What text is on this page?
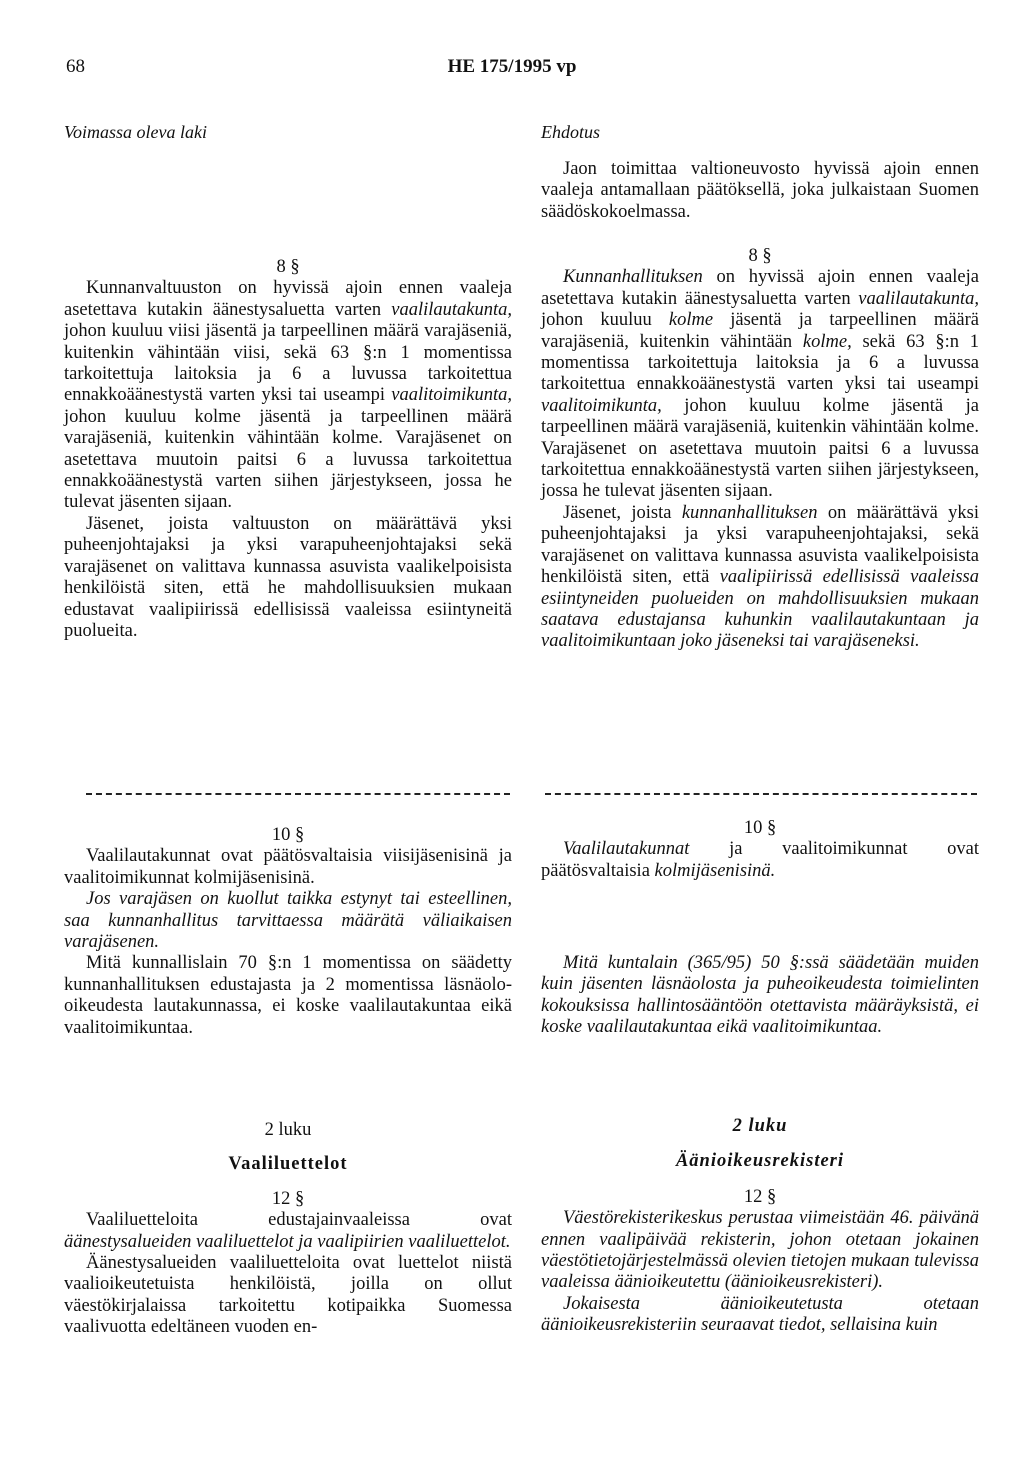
68	HE 175/1995 vp
Voimassa oleva laki	Ehdotus

Jaon toimittaa valtioneuvosto hyvissä ajoin ennen vaaleja antamallaan päätöksellä, joka julkaistaan Suomen säädöskokoelmassa.

8 §

Kunnanvaltuuston on hyvissä ajoin ennen vaaleja asetettava kutakin äänestysaluetta varten vaalilautakunta, johon kuuluu viisi jäsentä ja tarpeellinen määrä varajäseniä, kuitenkin vähintään viisi, sekä 63 §:n 1 momentissa tarkoitettuja laitoksia ja 6 a luvussa tarkoitettua ennakkoäänestystä varten yksi tai useampi vaalitoimikunta, johon kuuluu kolme jäsentä ja tarpeellinen määrä varajäseniä, kuitenkin vähintään kolme. Varajäsenet on asetettava muutoin paitsi 6 a luvussa tarkoitettua ennakkoäänestystä varten siihen järjestykseen, jossa he tulevat jäsenten sijaan.

Jäsenet, joista valtuuston on määrättävä yksi puheenjohtajaksi ja yksi varapuheenjohtajaksi sekä varajäsenet on valittava kunnassa asuvista vaalikelpoisista henkilöistä siten, että he mahdollisuuksien mukaan edustavat vaalipiirissä edellisissä vaaleissa esiintyneitä puolueita.

8 §

Kunnanhallituksen on hyvissä ajoin ennen vaaleja asetettava kutakin äänestysaluetta varten vaalilautakunta, johon kuuluu kolme jäsentä ja tarpeellinen määrä varajäseniä, kuitenkin vähintään kolme, sekä 63 §:n 1 momentissa tarkoitettuja laitoksia ja 6 a luvussa tarkoitettua ennakkoäänestystä varten yksi tai useampi vaalitoimikunta, johon kuuluu kolme jäsentä ja tarpeellinen määrä varajäseniä, kuitenkin vähintään kolme. Varajäsenet on asetettava muutoin paitsi 6 a luvussa tarkoitettua ennakkoäänestystä varten siihen järjestykseen, jossa he tulevat jäsenten sijaan.

Jäsenet, joista kunnanhallituksen on määrättävä yksi puheenjohtajaksi ja yksi varapuheenjohtajaksi, sekä varajäsenet on valittava kunnassa asuvista vaalikelpoisista henkilöistä siten, että vaalipiirissä edellisissä vaaleissa esiintyneiden puolueiden on mahdollisuuksien mukaan saatava edustajansa kuhunkin vaalilautakuntaan ja vaalitoimikuntaan joko jäseneksi tai varajäseneksi.

10 §

Vaalilautakunnat ovat päätösvaltaisia viisijäsenisinä ja vaalitoimikunnat kolmijäsenisinä.

Jos varajäsen on kuollut taikka estynyt tai esteellinen, saa kunnanhallitus tarvittaessa määrätä väliaikaisen varajäsenen.

Mitä kunnallislain 70 §:n 1 momentissa on säädetty kunnanhallituksen edustajasta ja 2 momentissa läsnäolo-oikeudesta lautakunnassa, ei koske vaalilautakuntaa eikä vaalitoimikuntaa.

10 §

Vaalilautakunnat ja vaalitoimikunnat ovat päätösvaltaisia kolmijäsenisinä.

Mitä kuntalain (365/95) 50 §:ssä säädetään muiden kuin jäsenten läsnäolosta ja puheoikeudesta toimielinten kokouksissa hallintosääntöön otettavista määräyksistä, ei koske vaalilautakuntaa eikä vaalitoimikuntaa.

2 luku

Vaaliluettelot

12 §

Vaaliluetteloita edustajainvaaleissa ovat äänestysalueiden vaaliluettelot ja vaalipiirien vaaliluettelot.

Äänestysalueiden vaaliluetteloita ovat luettelot niistä vaalioikeutetuista henkilöistä, joilla on ollut väestökirjalaissa tarkoitettu kotipaikka Suomessa vaalivuotta edeltäneen vuoden en-

2 luku

Äänioikeusrekisteri

12 §

Väestörekisterikeskus perustaa viimeistään 46. päivänä ennen vaalipäivää rekisterin, johon otetaan jokainen väestötietojärjestelmässä olevien tietojen mukaan tulevissa vaaleissa äänioikeutettu (äänioikeusrekisteri).

Jokaisesta äänioikeutetusta otetaan äänioikeusrekisteriin seuraavat tiedot, sellaisina kuin
